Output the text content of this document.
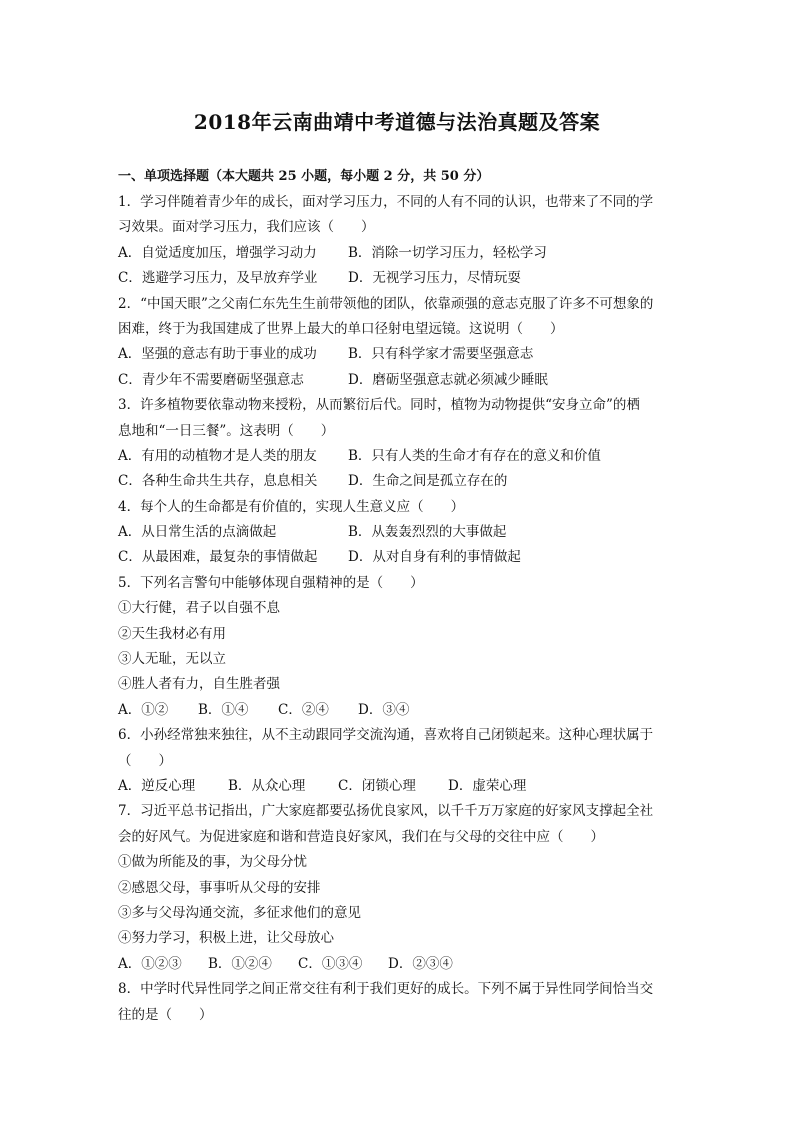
2018年云南曲靖中考道德与法治真题及答案
一、单项选择题（本大题共 25 小题，每小题 2 分，共 50 分）
1．学习伴随着青少年的成长，面对学习压力，不同的人有不同的认识，也带来了不同的学
习效果。面对学习压力，我们应该（　　）
A．自觉适度加压，增强学习动力 B．消除一切学习压力，轻松学习
C．逃避学习压力，及早放弃学业 D．无视学习压力，尽情玩耍
2．“中国天眼”之父南仁东先生生前带领他的团队，依靠顽强的意志克服了许多不可想象的
困难，终于为我国建成了世界上最大的单口径射电望远镜。这说明（　　）
A．坚强的意志有助于事业的成功 B．只有科学家才需要坚强意志
C．青少年不需要磨砺坚强意志	D．磨砺坚强意志就必须减少睡眠
3．许多植物要依靠动物来授粉，从而繁衍后代。同时，植物为动物提供“安身立命”的栖
息地和“一日三餐”。这表明（　　）
A．有用的动植物才是人类的朋友 B．只有人类的生命才有存在的意义和价值
C．各种生命共生共存，息息相关 D．生命之间是孤立存在的
4．每个人的生命都是有价值的，实现人生意义应（　　）
A．从日常生活的点滴做起	B．从轰轰烈烈的大事做起
C．从最困难，最复杂的事情做起 D．从对自身有利的事情做起
5．下列名言警句中能够体现自强精神的是（　　）
①大行健，君子以自强不息
②天生我材必有用
③人无耻，无以立
④胜人者有力，自生胜者强
A．①② B．①④ C．②④ D．③④
6．小孙经常独来独往，从不主动跟同学交流沟通，喜欢将自己闭锁起来。这种心理状属于
（　　）
A．逆反心理 B．从众心理 C．闭锁心理 D．虚荣心理
7．习近平总书记指出，广大家庭都要弘扬优良家风，以千千万万家庭的好家风支撑起全社
会的好风气。为促进家庭和谐和营造良好家风，我们在与父母的交往中应（　　）
①做为所能及的事，为父母分忧
②感恩父母，事事听从父母的安排
③多与父母沟通交流，多征求他们的意见
④努力学习，积极上进，让父母放心
A．①②③ B．①②④ C．①③④ D．②③④
8．中学时代异性同学之间正常交往有利于我们更好的成长。下列不属于异性同学间恰当交
往的是（　　）
